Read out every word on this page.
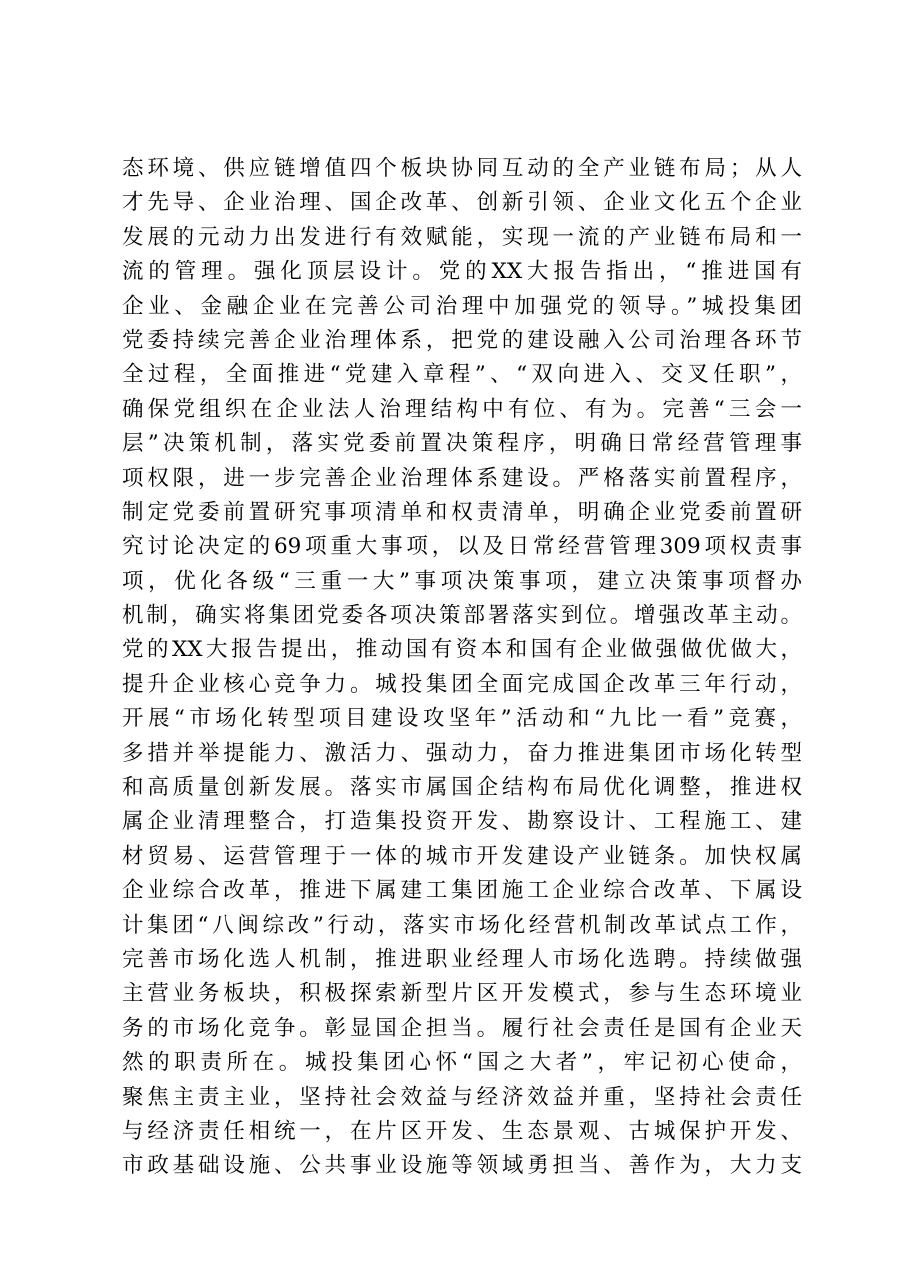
态环境、供应链增值四个板块协同互动的全产业链布局；从人
才先导、企业治理、国企改革、创新引领、企业文化五个企业
发展的元动力出发进行有效赋能，实现一流的产业链布局和一
流的管理。强化顶层设计。党的XX大报告指出，“推进国有
企业、金融企业在完善公司治理中加强党的领导。”城投集团
党委持续完善企业治理体系，把党的建设融入公司治理各环节
全过程，全面推进“党建入章程”、“双向进入、交叉任职”，
确保党组织在企业法人治理结构中有位、有为。完善“三会一
层”决策机制，落实党委前置决策程序，明确日常经营管理事
项权限，进一步完善企业治理体系建设。严格落实前置程序，
制定党委前置研究事项清单和权责清单，明确企业党委前置研
究讨论决定的69项重大事项，以及日常经营管理309项权责事
项，优化各级“三重一大”事项决策事项，建立决策事项督办
机制，确实将集团党委各项决策部署落实到位。增强改革主动。
党的XX大报告提出，推动国有资本和国有企业做强做优做大，
提升企业核心竞争力。城投集团全面完成国企改革三年行动，
开展“市场化转型项目建设攻坚年”活动和“九比一看”竞赛，
多措并举提能力、激活力、强动力，奋力推进集团市场化转型
和高质量创新发展。落实市属国企结构布局优化调整，推进权
属企业清理整合，打造集投资开发、勘察设计、工程施工、建
材贸易、运营管理于一体的城市开发建设产业链条。加快权属
企业综合改革，推进下属建工集团施工企业综合改革、下属设
计集团“八闽综改”行动，落实市场化经营机制改革试点工作，
完善市场化选人机制，推进职业经理人市场化选聘。持续做强
主营业务板块，积极探索新型片区开发模式，参与生态环境业
务的市场化竞争。彰显国企担当。履行社会责任是国有企业天
然的职责所在。城投集团心怀“国之大者”，牢记初心使命，
聚焦主责主业，坚持社会效益与经济效益并重，坚持社会责任
与经济责任相统一，在片区开发、生态景观、古城保护开发、
市政基础设施、公共事业设施等领域勇担当、善作为，大力支
